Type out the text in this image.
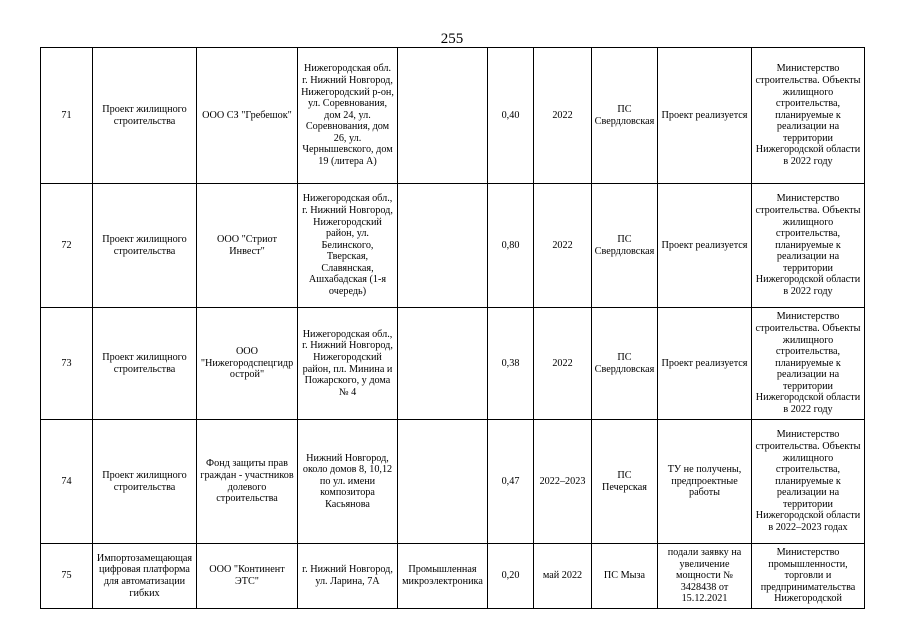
255
71	Проект жилищного строительства	ООО СЗ "Гребешок"	Нижегородская обл. г. Нижний Новгород, Нижегородский р-он, ул. Соревнования, дом 24, ул. Соревнования, дом 26, ул. Чернышевского, дом 19 (литера А)		0,40	2022	ПС Свердловская	Проект реализуется	Министерство строительства. Объекты жилищного строительства, планируемые к реализации на территории Нижегородской области в 2022 году
72	Проект жилищного строительства	ООО "Стриот Инвест"	Нижегородская обл., г. Нижний Новгород, Нижегородский район, ул. Белинского, Тверская, Славянская, Ашхабадская (1-я очередь)		0,80	2022	ПС Свердловская	Проект реализуется	Министерство строительства. Объекты жилищного строительства, планируемые к реализации на территории Нижегородской области в 2022 году
73	Проект жилищного строительства	ООО "Нижегородспецгидрострой"	Нижегородская обл., г. Нижний Новгород, Нижегородский район, пл. Минина и Пожарского, у дома № 4		0,38	2022	ПС Свердловская	Проект реализуется	Министерство строительства. Объекты жилищного строительства, планируемые к реализации на территории Нижегородской области в 2022 году
74	Проект жилищного строительства	Фонд защиты прав граждан - участников долевого строительства	Нижний Новгород, около домов 8, 10,12 по ул. имени композитора Касьянова		0,47	2022–2023	ПС Печерская	ТУ не получены, предпроектные работы	Министерство строительства. Объекты жилищного строительства, планируемые к реализации на территории Нижегородской области в 2022–2023 годах
75	Импортозамещающая цифровая платформа для автоматизации гибких	ООО "Континент ЭТС"	г. Нижний Новгород, ул. Ларина, 7А	Промышленная микроэлектроника	0,20	май 2022	ПС Мыза	подали заявку на увеличение мощности № 3428438 от 15.12.2021	Министерство промышленности, торговли и предпринимательства Нижегородской
